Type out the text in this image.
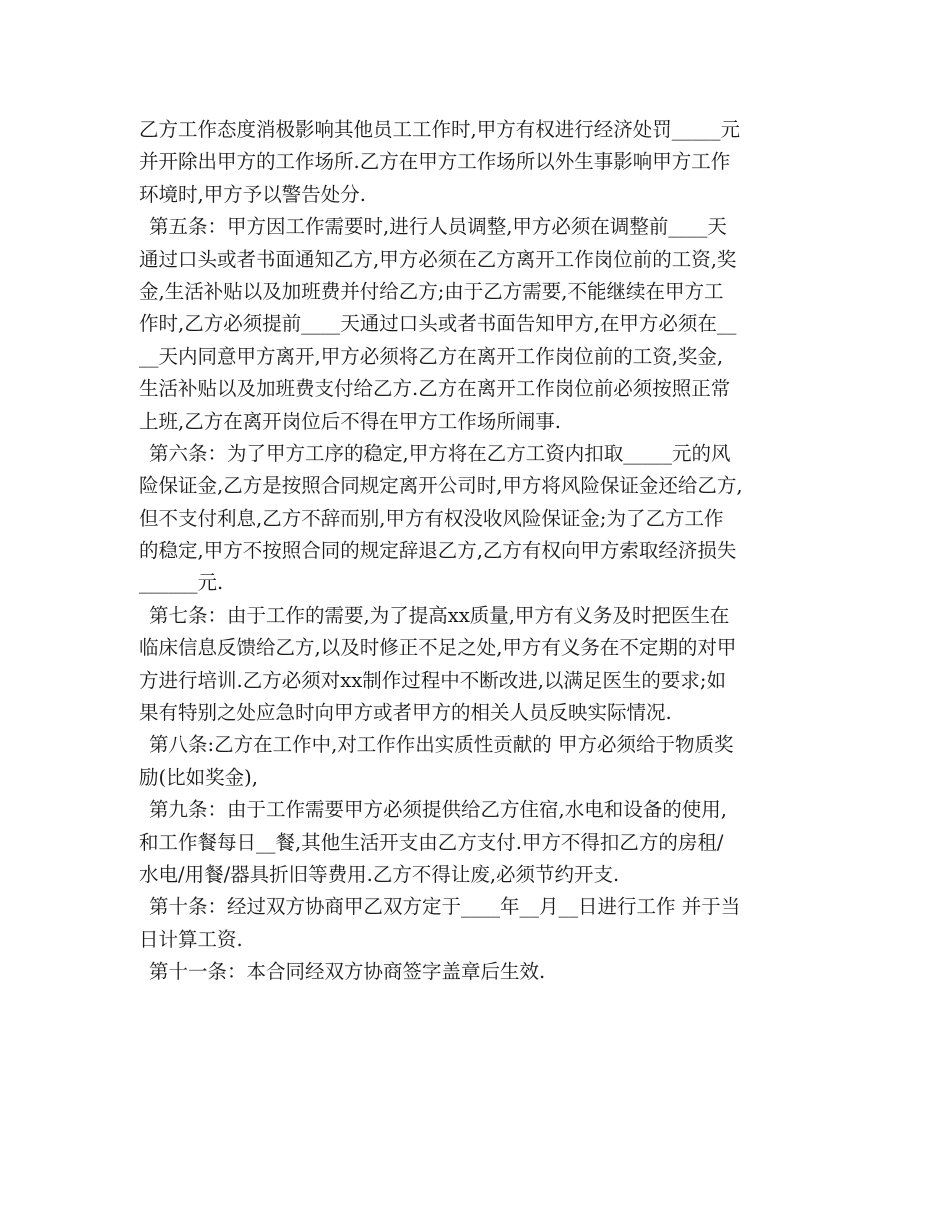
乙方工作态度消极影响其他员工工作时,甲方有权进行经济处罚_____元
并开除出甲方的工作场所.乙方在甲方工作场所以外生事影响甲方工作
环境时,甲方予以警告处分.
第五条：甲方因工作需要时,进行人员调整,甲方必须在调整前____天
通过口头或者书面通知乙方,甲方必须在乙方离开工作岗位前的工资,奖
金,生活补贴以及加班费并付给乙方;由于乙方需要,不能继续在甲方工
作时,乙方必须提前____天通过口头或者书面告知甲方,在甲方必须在__
__天内同意甲方离开,甲方必须将乙方在离开工作岗位前的工资,奖金,
生活补贴以及加班费支付给乙方.乙方在离开工作岗位前必须按照正常
上班,乙方在离开岗位后不得在甲方工作场所闹事.
第六条：为了甲方工序的稳定,甲方将在乙方工资内扣取_____元的风
险保证金,乙方是按照合同规定离开公司时,甲方将风险保证金还给乙方,
但不支付利息,乙方不辞而别,甲方有权没收风险保证金;为了乙方工作
的稳定,甲方不按照合同的规定辞退乙方,乙方有权向甲方索取经济损失
______元.
第七条：由于工作的需要,为了提高xx质量,甲方有义务及时把医生在
临床信息反馈给乙方,以及时修正不足之处,甲方有义务在不定期的对甲
方进行培训.乙方必须对xx制作过程中不断改进,以满足医生的要求;如
果有特别之处应急时向甲方或者甲方的相关人员反映实际情况.
第八条:乙方在工作中,对工作作出实质性贡献的 甲方必须给于物质奖
励(比如奖金),
第九条：由于工作需要甲方必须提供给乙方住宿,水电和设备的使用,
和工作餐每日__餐,其他生活开支由乙方支付.甲方不得扣乙方的房租/
水电/用餐/器具折旧等费用.乙方不得让废,必须节约开支.
第十条：经过双方协商甲乙双方定于____年__月__日进行工作 并于当
日计算工资.
第十一条：本合同经双方协商签字盖章后生效.
